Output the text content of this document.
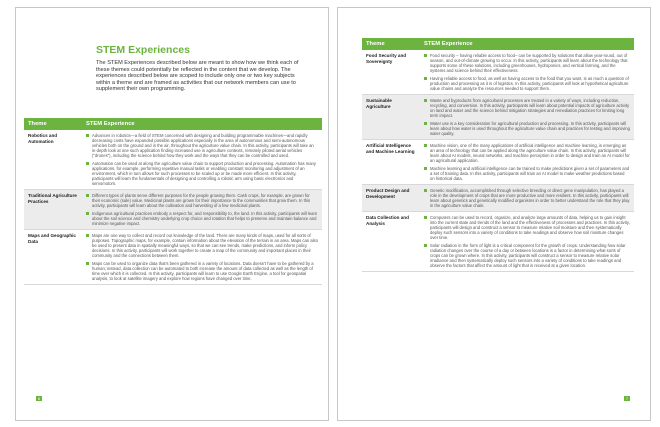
STEM Experiences
The STEM Experiences described below are meant to show how we think each of these themes could potentially be reflected in the content that we develop. The experiences described below are scoped to include only one or two key subjects within a theme and are framed as activities that our network members can use to supplement their own programming.
Theme	STEM Experience
Robotics and Automation	Advances in robotics—a field of STEM concerned with designing and building programmable machines—and rapidly decreasing costs have expanded possible applications especially in the area of autonomous and semi-autonomous vehicles both on the ground and in the air, throughout the agriculture value chain. In this activity, participants will take an in-depth look at one such application finding increased use in agriculture contexts, remotely piloted aerial vehicles ("drones"), including the science behind how they work and the ways that they can be controlled and used.
Automation can be used at along the agriculture value chain to support production and processing. Automation has many applications, for example, performing repetitive manual tasks or enabling constant monitoring and adjustment of an environment, which in turn allows for such processes to be scaled up or be made more efficient. In this activity, participants will learn the fundamentals of designing and controlling a robotic arm using basic electronics and servomotors.

Traditional Agriculture Practices	Different types of plants serve different purposes for the people growing them. Cash crops, for example, are grown for their economic (sale) value. Medicinal plants are grown for their importance to the communities that grow them. In this activity, participants will learn about the cultivation and harvesting of a few medicinal plants.
Indigenous agricultural practices embody a respect for, and responsibility to, the land. In this activity, participants will learn about the soil science and chemistry underlying crop choice and rotation that helps to preserve and maintain balance and minimize negative impact.

Maps and Geographic Data	Maps are one way to collect and record our knowledge of the land. There are many kinds of maps, used for all sorts of purposes. Topographic maps, for example, contain information about the elevation of the terrain in an area. Maps can also be used to present data in spatially meaningful ways, so that we can see trends, make predictions, and inform policy decisions. In this activity, participants will work together to create a map of the community and important places in their community and the connections between them.
Maps can be used to organize data that's been gathered in a variety of locations. Data doesn't have to be gathered by a human; instead, data collection can be automated to both increase the amount of data collected as well as the length of time over which it is collected. In this activity, participants will learn to use Google Earth Engine, a tool for geospatial analysis, to look at satellite imagery and explore how regions have changed over time.
6
Theme	STEM Experience
Food Security and Sovereignty	Food security – having reliable access to food– can be supported by solutions that allow year-round, out of season, and out-of-climate growing to occur. In this activity, participants will learn about the technology that supports some of these solutions, including greenhouses, hydroponics, and vertical farming, and the systems and science behind their effectiveness.
Having reliable access to food, as well as having access to the food that you want, is as much a question of production and processing as it is of logistics. In this activity, participants will look at hypothetical agriculture value chains and analyze the resources needed to support them.

Sustainable Agriculture	Waste and byproducts from agricultural processes are treated in a variety of ways, including reduction, recycling, and conversion. In this activity, participants will learn about potential impacts of agriculture activity on land and water and the science behind mitigation strategies and remediation practices for limiting long term impact.
Water use is a key consideration for agricultural production and processing. In this activity, participants will learn about how water is used throughout the agriculture value chain and practices for testing and improving water quality.

Artificial Intelligence and Machine Learning	Machine vision, one of the many applications of artificial intelligence and machine learning, is emerging as an area of technology that can be applied along the agriculture value chain. In this activity, participants will learn about AI models, neural networks, and machine perception in order to design and train an AI model for an agricultural application.
Machine learning and artificial intelligence can be trained to make predictions given a set of parameters and a set of training data. In this activity, participants will train an AI model to make weather predictions based on historical data.

Product Design and Development	Genetic modification, accomplished through selective breeding or direct gene manipulation, has played a role in the development of crops that are more productive and more resilient. In this activity, participants will learn about genetics and genetically modified organisms in order to better understand the role that they play in the agriculture value chain.

Data Collection and Analysis	Computers can be used to record, organize, and analyze large amounts of data, helping us to gain insight into the current state and trends of the land and the effectiveness of processes and practices. In this activity, participants will design and construct a sensor to measure relative soil moisture and then systematically deploy such sensors into a variety of conditions to take readings and observe how soil moisture changes over time.
Solar radiation in the form of light is a critical component for the growth of crops. Understanding how solar radiation changes over the course of a day or between locations is a factor in determining what sorts of crops can be grown where. In this activity, participants will construct a sensor to measure relative solar irradiance and then systematically deploy such sensors into a variety of conditions to take readings and observe the factors that affect the amount of light that is received at a given location.
7
